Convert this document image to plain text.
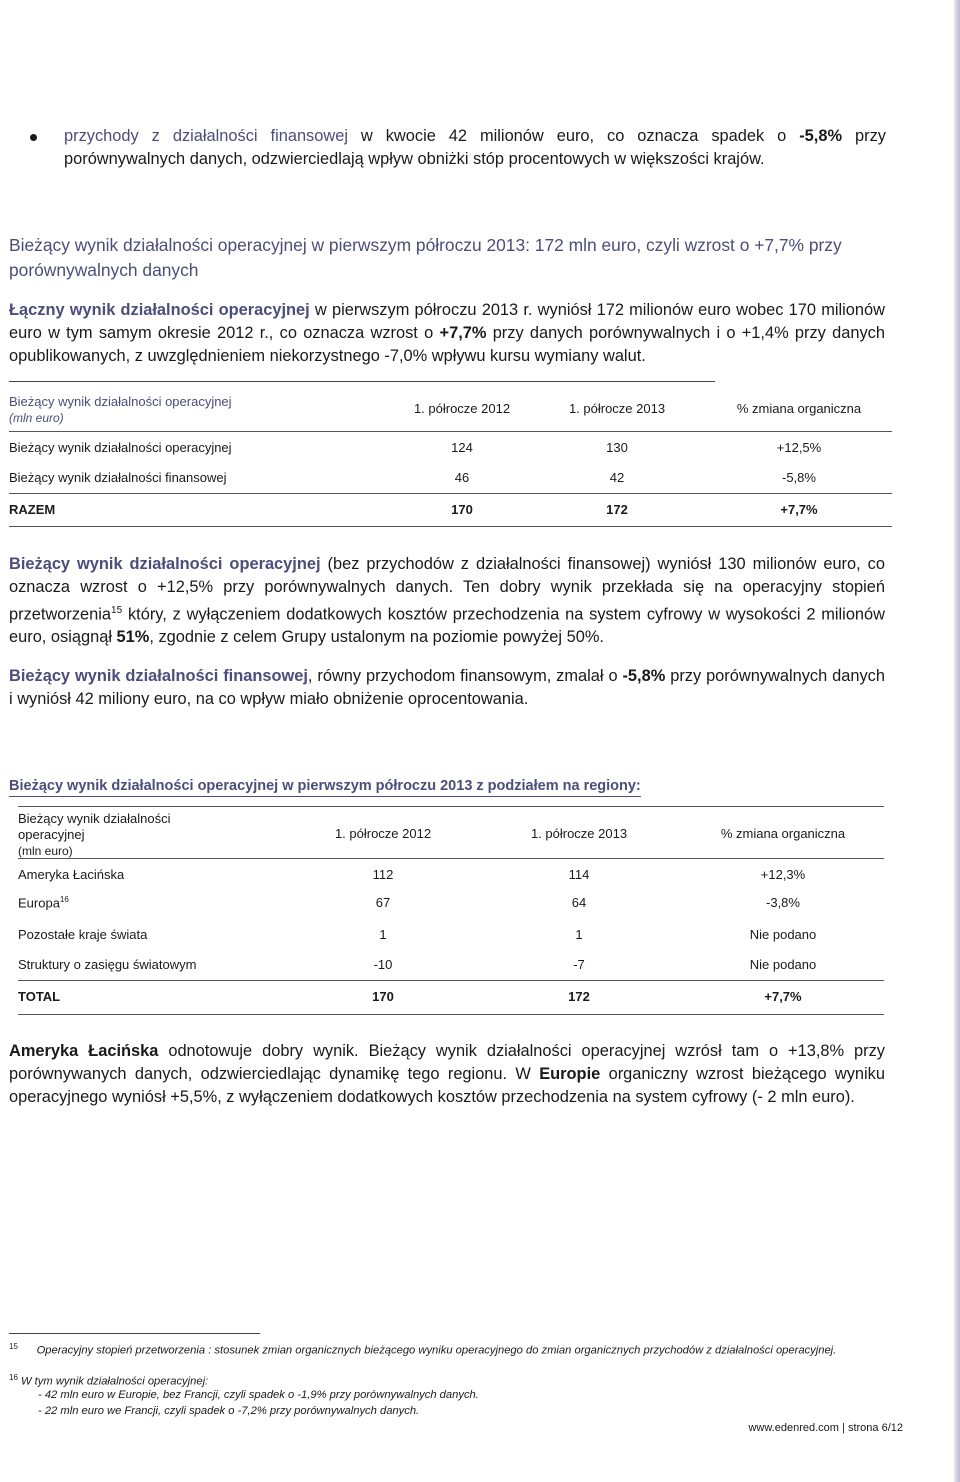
przychody z działalności finansowej w kwocie 42 milionów euro, co oznacza spadek o -5,8% przy porównywalnych danych, odzwierciedlają wpływ obniżki stóp procentowych w większości krajów.

Bieżący wynik działalności operacyjnej w pierwszym półroczu 2013: 172 mln euro, czyli wzrost o +7,7% przy porównywalnych danych

Łączny wynik działalności operacyjnej w pierwszym półroczu 2013 r. wyniósł 172 milionów euro wobec 170 milionów euro w tym samym okresie 2012 r., co oznacza wzrost o +7,7% przy danych porównywalnych i o +1,4% przy danych opublikowanych, z uwzględnieniem niekorzystnego -7,0% wpływu kursu wymiany walut.

Bieżący wynik działalności operacyjnej
(mln euro)
1. półrocze 2012	1. półrocze 2013	% zmiana organiczna
Bieżący wynik działalności operacyjnej	124	130	+12,5%
Bieżący wynik działalności finansowej	46	42	-5,8%
RAZEM	170	172	+7,7%

Bieżący wynik działalności operacyjnej (bez przychodów z działalności finansowej) wyniósł 130 milionów euro, co oznacza wzrost o +12,5% przy porównywalnych danych. Ten dobry wynik przekłada się na operacyjny stopień przetworzenia$^{15}$ który, z wyłączeniem dodatkowych kosztów przechodzenia na system cyfrowy w wysokości 2 milionów euro, osiągnął 51%, zgodnie z celem Grupy ustalonym na poziomie powyżej 50%.

Bieżący wynik działalności finansowej, równy przychodom finansowym, zmalał o -5,8% przy porównywalnych danych i wyniósł 42 miliony euro, na co wpływ miało obniżenie oprocentowania.

Bieżący wynik działalności operacyjnej w pierwszym półroczu 2013 z podziałem na regiony:
Bieżący wynik działalności
operacyjnej
(mln euro)
1. półrocze 2012	1. półrocze 2013	% zmiana organiczna
Ameryka Łacińska	112	114	+12,3%
Europa$^{16}$	67	64	-3,8%
Pozostałe kraje świata	1	1	Nie podano
Struktury o zasięgu światowym	-10	-7	Nie podano
TOTAL	170	172	+7,7%

Ameryka Łacińska odnotowuje dobry wynik. Bieżący wynik działalności operacyjnej wzrósł tam o +13,8% przy porównywanych danych, odzwierciedlając dynamikę tego regionu. W Europie organiczny wzrost bieżącego wyniku operacyjnego wyniósł +5,5%, z wyłączeniem dodatkowych kosztów przechodzenia na system cyfrowy (- 2 mln euro).

$^{15}$ Operacyjny stopień przetworzenia : stosunek zmian organicznych bieżącego wyniku operacyjnego do zmian organicznych przychodów z działalności operacyjnej.
$^{16}$ W tym wynik działalności operacyjnej:
- 42 mln euro w Europie, bez Francji, czyli spadek o -1,9% przy porównywalnych danych.
- 22 mln euro we Francji, czyli spadek o -7,2% przy porównywalnych danych.
www.edenred.com | strona 6/12
